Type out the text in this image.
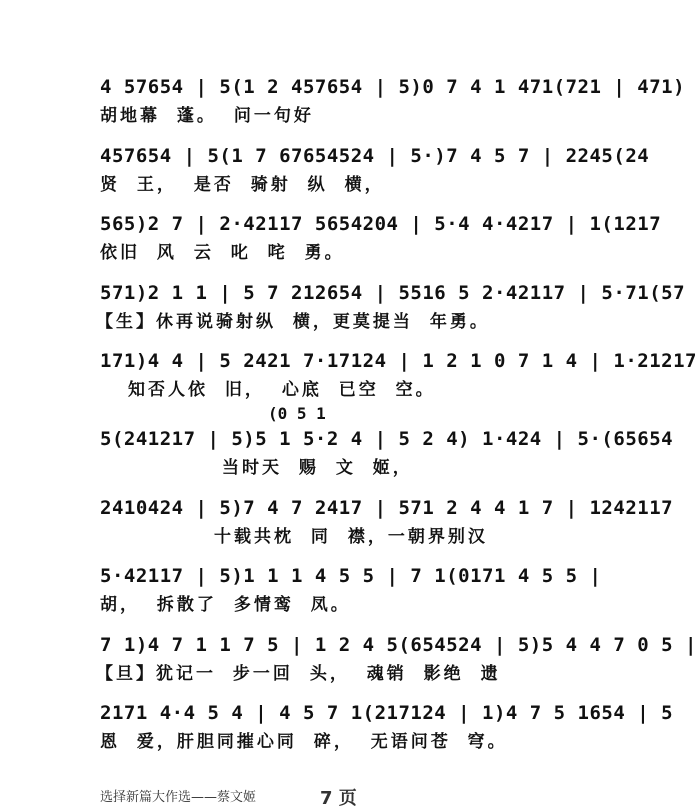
4 57654 | 5(1 2 457654 | 5)0 7 4 1 471(721 | 471)
胡地幕 蓬。 问一句好
457654 | 5(1 7 67654524 | 5·)7 4 5 7 | 2245(24
贤 王， 是否 骑射 纵 横，
565)2 7 | 2·42117 5654204 | 5·4 4·4217 | 1(1217
依旧 风 云 叱 咤 勇。
571)2 1 1 | 5 7 212654 | 5516 5 2·42117 | 5·71(57
【生】休再说骑射纵 横，更莫提当 年勇。
171)4 4 | 5 2421 7·17124 | 1 2 1 0 7 1 4 | 1·21217
知否人依 旧， 心底 已空 空。
(0 5 1
5(241217 | 5)5 1 5·2 4 | 5 2 4) 1·424 | 5·(65654
当时天 赐 文 姬，
2410424 | 5)7 4 7 2417 | 571 2 4 4 1 7 | 1242117
十载共枕 同 襟，一朝界别汉
5·42117 | 5)1 1 1 4 5 5 | 7 1(0171 4 5 5 |
胡， 拆散了 多情鸾 凤。
7 1)4 7 1 1 7 5 | 1 2 4 5(654524 | 5)5 4 4 7 0 5 |
【旦】犹记一 步一回 头， 魂销 影绝 遗
2171 4·4 5 4 | 4 5 7 1(217124 | 1)4 7 5 1654 | 5
恩 爱，肝胆同摧心同 碎， 无语问苍 穹。
选择新篇大作选——蔡文姬	7 页
